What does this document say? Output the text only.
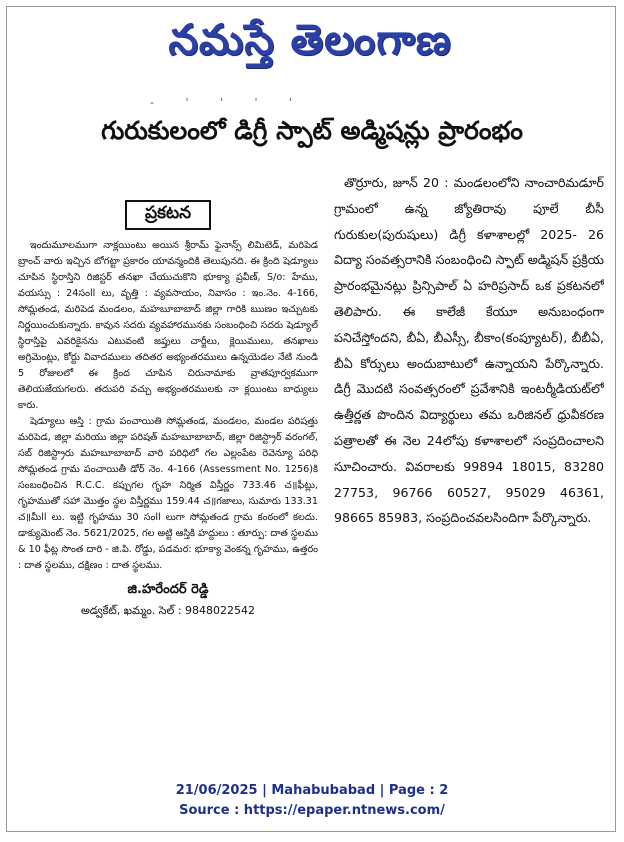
నమస్తే తెలంగాణ
- ' ' ' '
గురుకులంలో డిగ్రీ స్పాట్ అడ్మిషన్లు ప్రారంభం
ప్రకటన

ఇందుమూలముగా నాక్లయింటు అయిన శ్రీరామ్ ఫైనాన్స్ లిమిటెడ్, మరిపెడ బ్రాంచ్ వారు ఇచ్చిన బోగట్టా ప్రకారం యావన్మందికి తెలుపునది. ఈ క్రింది షెడ్యూలు చూపిన స్థిరాస్తిని రిజిస్టర్ తనఖా చేయుచుకొని భూక్యా ప్రవీణ్, S/o: హేము, వయస్సు : 24సంll లు, వృత్తి : వ్యవసాయం, నివాసం : ఇం.నెం. 4-166, సోమ్లతండ, మరిపెడ మండలం, మహబూబాబాద్ జిల్లా గారికి ఋణం ఇచ్చుటకు నిర్ణయించుకున్నారు. కావున సదరు వ్యవహారమునకు సంబంధించి సదరు షెడ్యూల్ స్థిరాస్తిపై ఎవరికైనను ఎటువంటి జప్తులు చార్జీలు, క్లెయిములు, తనఖాలు అగ్రిమెంట్లు, కోర్టు వివాదములు తదితర అభ్యంతరములు ఉన్నయెడల నేటి నుండి 5 రోజులలో ఈ క్రింద చూపిన చిరునామాకు వ్రాతపూర్వకముగా తెలియజేయగలరు. తదుపరి వచ్చు అభ్యంతరములకు నా క్లయింటు బాధ్యులు కారు.

షెడ్యూలు ఆస్తి : గ్రామ పంచాయితి సోమ్లతండ, మండలం, మండల పరిషత్తు మరిపెడ, జిల్లా మరియు జిల్లా పరిషత్ మహబూబాబాద్, జిల్లా రిజిస్ట్రార్ వరంగల్, సబ్ రిజిస్ట్రారు మహబూబాబాద్ వారి పరిధిలో గల ఎల్లంపేట రెవెన్యూ పరిధి సోమ్లతండ గ్రామ పంచాయితీ డోర్ నెం. 4-166 (Assessment No. 1256)కి సంబంధించిన R.C.C. కప్పుగల గృహ నిర్మిత విస్తీర్ణం 733.46 చ॥ఫీట్లు, గృహముతో సహా మొత్తం స్థల విస్తీర్ణము 159.44 చ॥గజాలు, సుమారు 133.31 చ॥మీll లు. ఇట్టి గృహము 30 సంll లుగా సోమ్లతండ గ్రామ కంఠంలో కలదు. డాక్యుమెంట్ నెం. 5621/2025, గల అట్టి ఆస్తికి హద్దులు : తూర్పు: దాత స్థలము & 10 ఫీట్ల సొంత దారి - జి.పి. రోడ్డు, పడమర: భూక్యా వెంకన్న గృహము, ఉత్తరం : దాత స్థలము, దక్షిణం : దాత స్థలము.

జి.హరేందర్ రెడ్డి
అడ్వకేట్, ఖమ్మం. సెల్ : 9848022542

తొర్రూరు, జూన్ 20 : మండలంలోని నాంచారిమడూర్ గ్రామంలో ఉన్న జ్యోతిరావు పూలే బీసీ గురుకుల(పురుషులు) డిగ్రీ కళాశాలల్లో 2025- 26 విద్యా సంవత్సరానికి సంబంధించి స్పాట్ అడ్మిషన్ ప్రక్రియ ప్రారంభమైనట్లు ప్రిన్సిపాల్ ఏ హరిప్రసాద్ ఒక ప్రకటనలో తెలిపారు. ఈ కాలేజీ కేయూ అనుబంధంగా పనిచేస్తోందని, బీఏ, బీఎస్సీ, బీకాం(కంప్యూటర్), బీబీఏ, బీఏ కోర్సులు అందుబాటులో ఉన్నాయని పేర్కొన్నారు. డిగ్రీ మొదటి సంవత్సరంలో ప్రవేశానికి ఇంటర్మీడియట్‌లో ఉత్తీర్ణత పొందిన విద్యార్థులు తమ ఒరిజినల్ ధ్రువీకరణ పత్రాలతో ఈ నెల 24లోపు కళాశాలలో సంప్రదించాలని సూచించారు. వివరాలకు 99894 18015, 83280 27753, 96766 60527, 95029 46361, 98665 85983, సంప్రదించవలసిందిగా పేర్కొన్నారు.

21/06/2025 | Mahabubabad | Page : 2
Source : https://epaper.ntnews.com/
